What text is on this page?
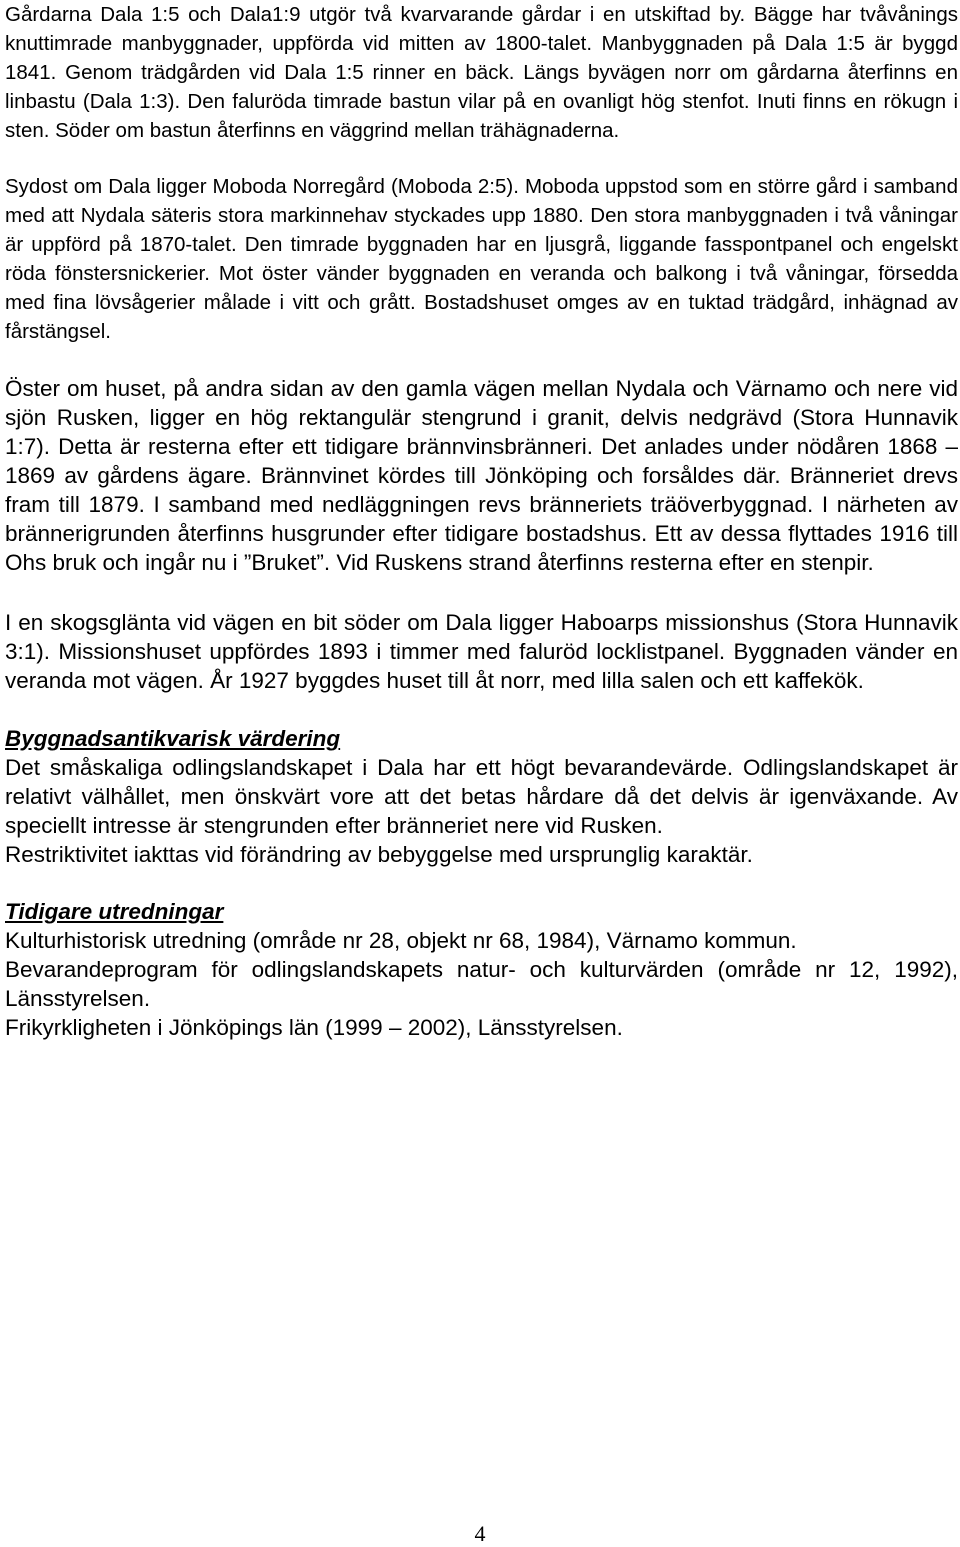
Gårdarna Dala 1:5 och Dala1:9 utgör två kvarvarande gårdar i en utskiftad by. Bägge har tvåvånings knuttimrade manbyggnader, uppförda vid mitten av 1800-talet. Manbyggnaden på Dala 1:5 är byggd 1841. Genom trädgården vid Dala 1:5 rinner en bäck. Längs byvägen norr om gårdarna återfinns en linbastu (Dala 1:3). Den faluröda timrade bastun vilar på en ovanligt hög stenfot. Inuti finns en rökugn i sten. Söder om bastun återfinns en väggrind mellan trähägnaderna.

Sydost om Dala ligger Moboda Norregård (Moboda 2:5). Moboda uppstod som en större gård i samband med att Nydala säteris stora markinnehav styckades upp 1880. Den stora manbyggnaden i två våningar är uppförd på 1870-talet. Den timrade byggnaden har en ljusgrå, liggande fasspontpanel och engelskt röda fönstersnickerier. Mot öster vänder byggnaden en veranda och balkong i två våningar, försedda med fina lövsågerier målade i vitt och grått. Bostadshuset omges av en tuktad trädgård, inhägnad av fårstängsel.

Öster om huset, på andra sidan av den gamla vägen mellan Nydala och Värnamo och nere vid sjön Rusken, ligger en hög rektangulär stengrund i granit, delvis nedgrävd (Stora Hunnavik 1:7). Detta är resterna efter ett tidigare brännvinsbränneri. Det anlades under nödåren 1868 – 1869 av gårdens ägare. Brännvinet kördes till Jönköping och forsåldes där. Bränneriet drevs fram till 1879. I samband med nedläggningen revs bränneriets träöverbyggnad. I närheten av brännerigrunden återfinns husgrunder efter tidigare bostadshus. Ett av dessa flyttades 1916 till Ohs bruk och ingår nu i ”Bruket”. Vid Ruskens strand återfinns resterna efter en stenpir.

I en skogsglänta vid vägen en bit söder om Dala ligger Haboarps missionshus (Stora Hunnavik 3:1). Missionshuset uppfördes 1893 i timmer med faluröd locklistpanel. Byggnaden vänder en veranda mot vägen. År 1927 byggdes huset till åt norr, med lilla salen och ett kaffekök.

Byggnadsantikvarisk värdering

Det småskaliga odlingslandskapet i Dala har ett högt bevarandevärde. Odlingslandskapet är relativt välhållet, men önskvärt vore att det betas hårdare då det delvis är igenväxande. Av speciellt intresse är stengrunden efter bränneriet nere vid Rusken.

Restriktivitet iakttas vid förändring av bebyggelse med ursprunglig karaktär.

Tidigare utredningar

Kulturhistorisk utredning (område nr 28, objekt nr 68, 1984), Värnamo kommun.

Bevarandeprogram för odlingslandskapets natur- och kulturvärden (område nr 12, 1992), Länsstyrelsen.

Frikyrkligheten i Jönköpings län (1999 – 2002), Länsstyrelsen.

4
